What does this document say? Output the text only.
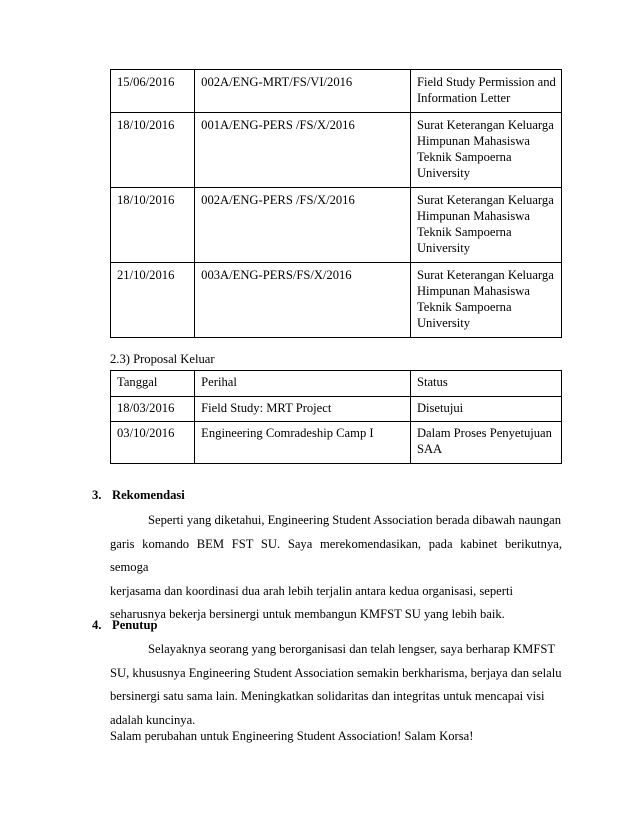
15/06/2016	002A/ENG-MRT/FS/VI/2016	Field Study Permission and Information Letter
18/10/2016	001A/ENG-PERS /FS/X/2016	Surat Keterangan Keluarga Himpunan Mahasiswa Teknik Sampoerna University
18/10/2016	002A/ENG-PERS /FS/X/2016	Surat Keterangan Keluarga Himpunan Mahasiswa Teknik Sampoerna University
21/10/2016	003A/ENG-PERS/FS/X/2016	Surat Keterangan Keluarga Himpunan Mahasiswa Teknik Sampoerna University
2.3) Proposal Keluar
Tanggal	Perihal	Status
18/03/2016	Field Study: MRT Project	Disetujui
03/10/2016	Engineering Comradeship Camp I	Dalam Proses Penyetujuan SAA
3. Rekomendasi
Seperti yang diketahui, Engineering Student Association berada dibawah naungan
garis komando BEM FST SU. Saya merekomendasikan, pada kabinet berikutnya, semoga
kerjasama dan koordinasi dua arah lebih terjalin antara kedua organisasi, seperti
seharusnya bekerja bersinergi untuk membangun KMFST SU yang lebih baik.
4. Penutup
Selayaknya seorang yang berorganisasi dan telah lengser, saya berharap KMFST
SU, khususnya Engineering Student Association semakin berkharisma, berjaya dan selalu
bersinergi satu sama lain. Meningkatkan solidaritas dan integritas untuk mencapai visi
adalah kuncinya.
Salam perubahan untuk Engineering Student Association! Salam Korsa!
